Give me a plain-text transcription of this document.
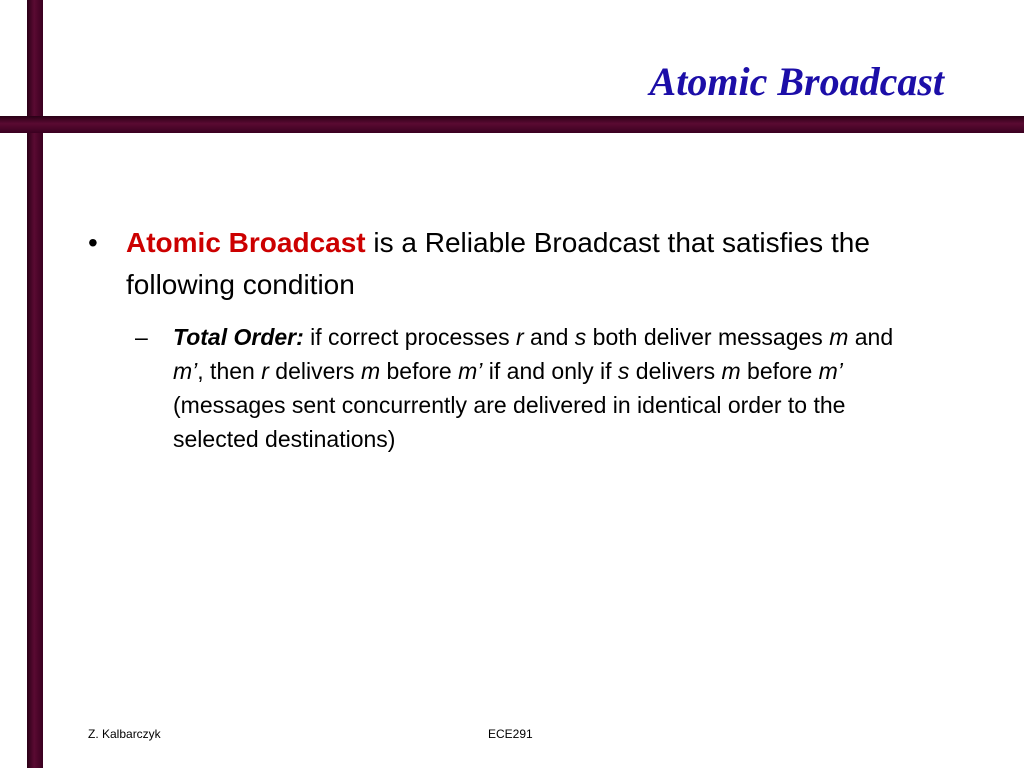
Atomic Broadcast
• Atomic Broadcast is a Reliable Broadcast that satisfies the following condition
– Total Order: if correct processes r and s both deliver messages m and m’, then r delivers m before m’ if and only if s delivers m before m’ (messages sent concurrently are delivered in identical order to the selected destinations)
Z. Kalbarczyk	ECE291
